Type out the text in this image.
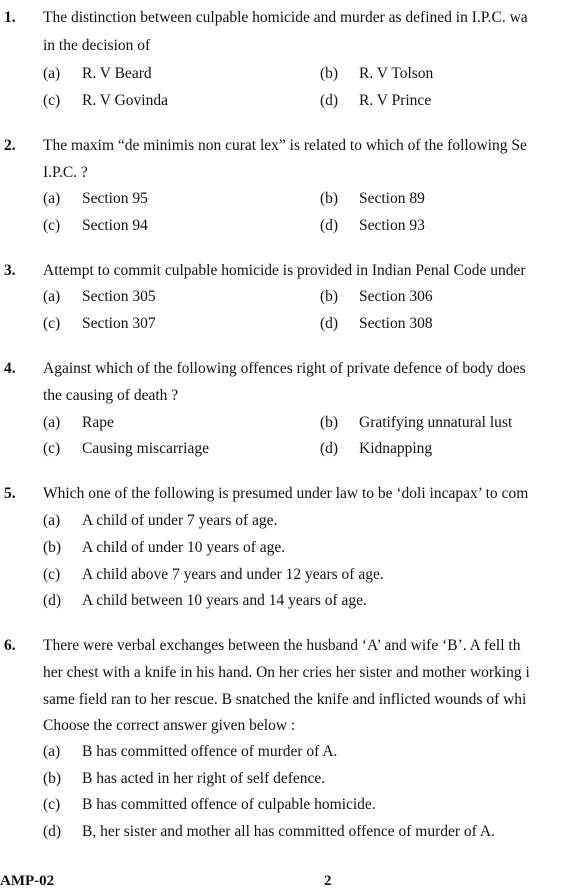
1. The distinction between culpable homicide and murder as defined in I.P.C. wa
in the decision of
(a) R. V Beard	(b) R. V Tolson
(c) R. V Govinda	(d) R. V Prince
2. The maxim “de minimis non curat lex” is related to which of the following Se
I.P.C. ?
(a) Section 95	(b) Section 89
(c) Section 94	(d) Section 93
3. Attempt to commit culpable homicide is provided in Indian Penal Code under
(a) Section 305	(b) Section 306
(c) Section 307	(d) Section 308
4. Against which of the following offences right of private defence of body does
the causing of death ?
(a) Rape	(b) Gratifying unnatural lust
(c) Causing miscarriage	(d) Kidnapping
5. Which one of the following is presumed under law to be ‘doli incapax’ to com
(a) A child of under 7 years of age.
(b) A child of under 10 years of age.
(c) A child above 7 years and under 12 years of age.
(d) A child between 10 years and 14 years of age.
6. There were verbal exchanges between the husband ‘A’ and wife ‘B’. A fell th
her chest with a knife in his hand. On her cries her sister and mother working i
same field ran to her rescue. B snatched the knife and inflicted wounds of whi
Choose the correct answer given below :
(a) B has committed offence of murder of A.
(b) B has acted in her right of self defence.
(c) B has committed offence of culpable homicide.
(d) B, her sister and mother all has committed offence of murder of A.
AMP-02	2
